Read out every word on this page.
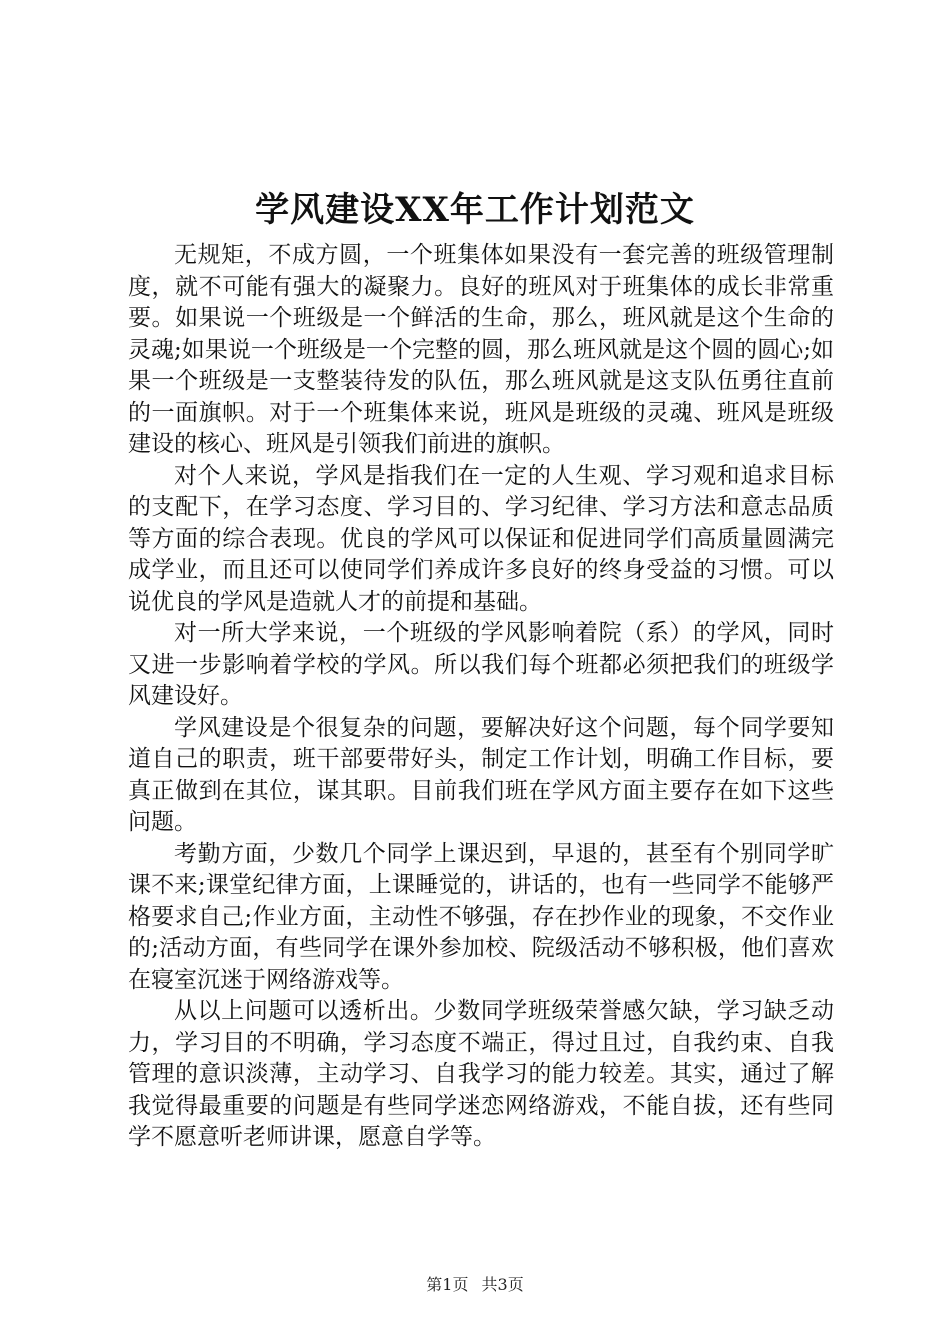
学风建设XX年工作计划范文

无规矩，不成方圆，一个班集体如果没有一套完善的班级管理制度，就不可能有强大的凝聚力。良好的班风对于班集体的成长非常重要。如果说一个班级是一个鲜活的生命，那么，班风就是这个生命的灵魂;如果说一个班级是一个完整的圆，那么班风就是这个圆的圆心;如果一个班级是一支整装待发的队伍，那么班风就是这支队伍勇往直前的一面旗帜。对于一个班集体来说，班风是班级的灵魂、班风是班级建设的核心、班风是引领我们前进的旗帜。

对个人来说，学风是指我们在一定的人生观、学习观和追求目标的支配下，在学习态度、学习目的、学习纪律、学习方法和意志品质等方面的综合表现。优良的学风可以保证和促进同学们高质量圆满完成学业，而且还可以使同学们养成许多良好的终身受益的习惯。可以说优良的学风是造就人才的前提和基础。

对一所大学来说，一个班级的学风影响着院（系）的学风，同时又进一步影响着学校的学风。所以我们每个班都必须把我们的班级学风建设好。

学风建设是个很复杂的问题，要解决好这个问题，每个同学要知道自己的职责，班干部要带好头，制定工作计划，明确工作目标，要真正做到在其位，谋其职。目前我们班在学风方面主要存在如下这些问题。

考勤方面，少数几个同学上课迟到，早退的，甚至有个别同学旷课不来;课堂纪律方面，上课睡觉的，讲话的，也有一些同学不能够严格要求自己;作业方面，主动性不够强，存在抄作业的现象，不交作业的;活动方面，有些同学在课外参加校、院级活动不够积极，他们喜欢在寝室沉迷于网络游戏等。

从以上问题可以透析出。少数同学班级荣誉感欠缺，学习缺乏动力，学习目的不明确，学习态度不端正，得过且过，自我约束、自我管理的意识淡薄，主动学习、自我学习的能力较差。其实，通过了解我觉得最重要的问题是有些同学迷恋网络游戏，不能自拔，还有些同学不愿意听老师讲课，愿意自学等。

第1页 共3页
